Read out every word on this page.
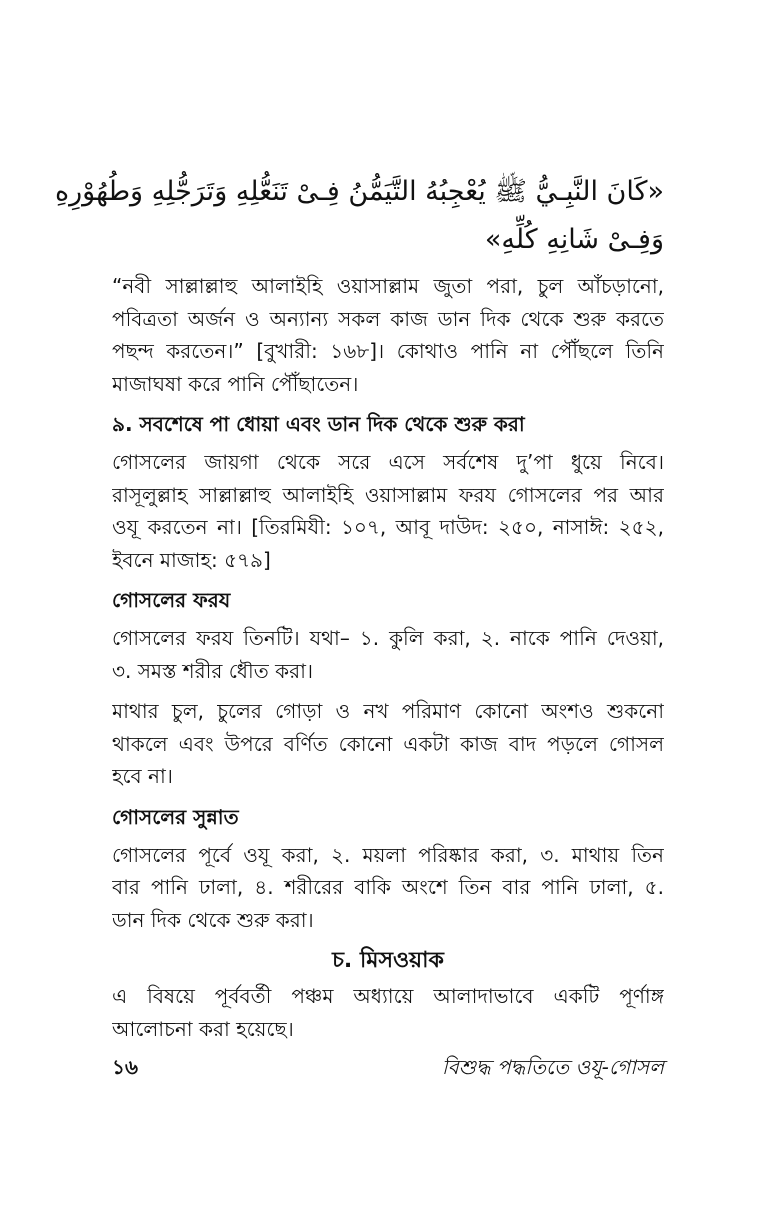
«كَانَ النَّبِـيُّ ﷺ يُعْجِبُهُ التَّيَمُّنُ فِـىْ تَنَعُّلِهِ وَتَرَجُّلِهِ وَطُهُوْرِهِ
وَفِـىْ شَانِهِ كُلِّهِ»
“নবী সাল্লাল্লাহু আলাইহি ওয়াসাল্লাম জুতা পরা, চুল আঁচড়ানো,
পবিত্রতা অর্জন ও অন্যান্য সকল কাজ ডান দিক থেকে শুরু করতে
পছন্দ করতেন।” [বুখারী: ১৬৮]। কোথাও পানি না পৌঁছলে তিনি
মাজাঘষা করে পানি পৌঁছাতেন।
৯. সবশেষে পা ধোয়া এবং ডান দিক থেকে শুরু করা
গোসলের জায়গা থেকে সরে এসে সর্বশেষ দু’পা ধুয়ে নিবে।
রাসূলুল্লাহ সাল্লাল্লাহু আলাইহি ওয়াসাল্লাম ফরয গোসলের পর আর
ওযূ করতেন না। [তিরমিযী: ১০৭, আবূ দাউদ: ২৫০, নাসাঈ: ২৫২,
ইবনে মাজাহ: ৫৭৯]
গোসলের ফরয
গোসলের ফরয তিনটি। যথা– ১. কুলি করা, ২. নাকে পানি দেওয়া,
৩. সমস্ত শরীর ধৌত করা।
মাথার চুল, চুলের গোড়া ও নখ পরিমাণ কোনো অংশও শুকনো
থাকলে এবং উপরে বর্ণিত কোনো একটা কাজ বাদ পড়লে গোসল
হবে না।
গোসলের সুন্নাত
গোসলের পূর্বে ওযূ করা, ২. ময়লা পরিষ্কার করা, ৩. মাথায় তিন
বার পানি ঢালা, ৪. শরীরের বাকি অংশে তিন বার পানি ঢালা, ৫.
ডান দিক থেকে শুরু করা।
চ. মিসওয়াক
এ বিষয়ে পূর্ববর্তী পঞ্চম অধ্যায়ে আলাদাভাবে একটি পূর্ণাঙ্গ
আলোচনা করা হয়েছে।
১৬	বিশুদ্ধ পদ্ধতিতে ওযূ-গোসল
